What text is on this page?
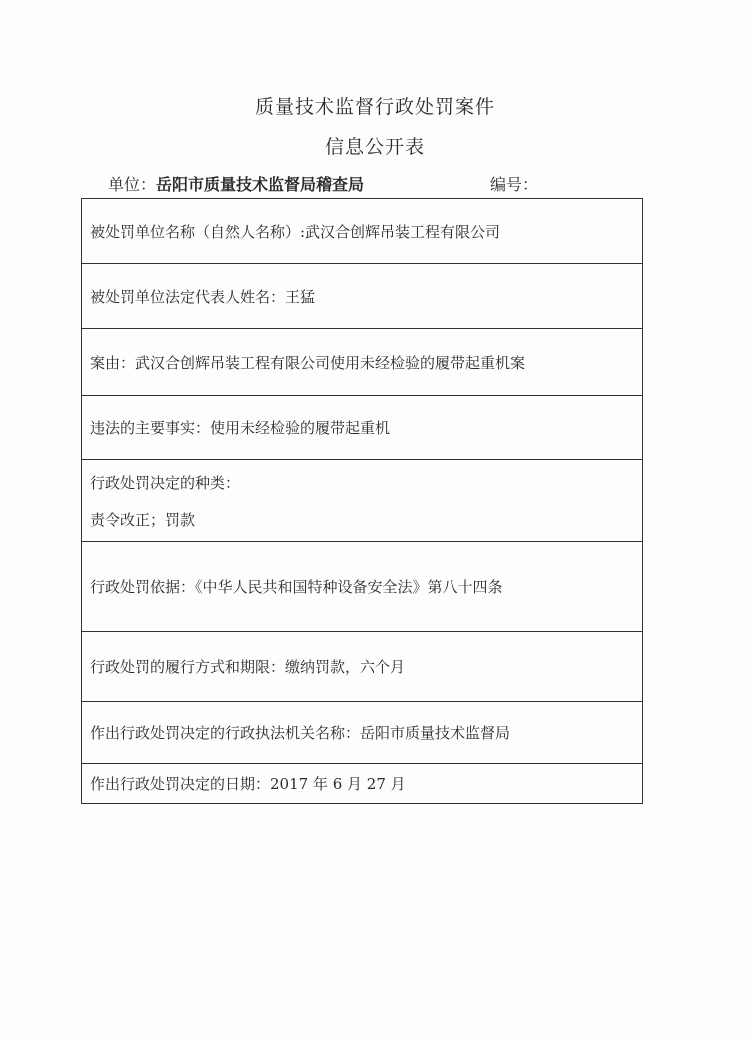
质量技术监督行政处罚案件
信息公开表
单位：岳阳市质量技术监督局稽查局	编号：
被处罚单位名称（自然人名称）:武汉合创辉吊装工程有限公司
被处罚单位法定代表人姓名：王猛
案由：武汉合创辉吊装工程有限公司使用未经检验的履带起重机案
违法的主要事实：使用未经检验的履带起重机

行政处罚决定的种类：
责令改正；罚款

行政处罚依据：《中华人民共和国特种设备安全法》第八十四条
行政处罚的履行方式和期限：缴纳罚款，六个月
作出行政处罚决定的行政执法机关名称：岳阳市质量技术监督局
作出行政处罚决定的日期：2017 年 6 月 27 月
